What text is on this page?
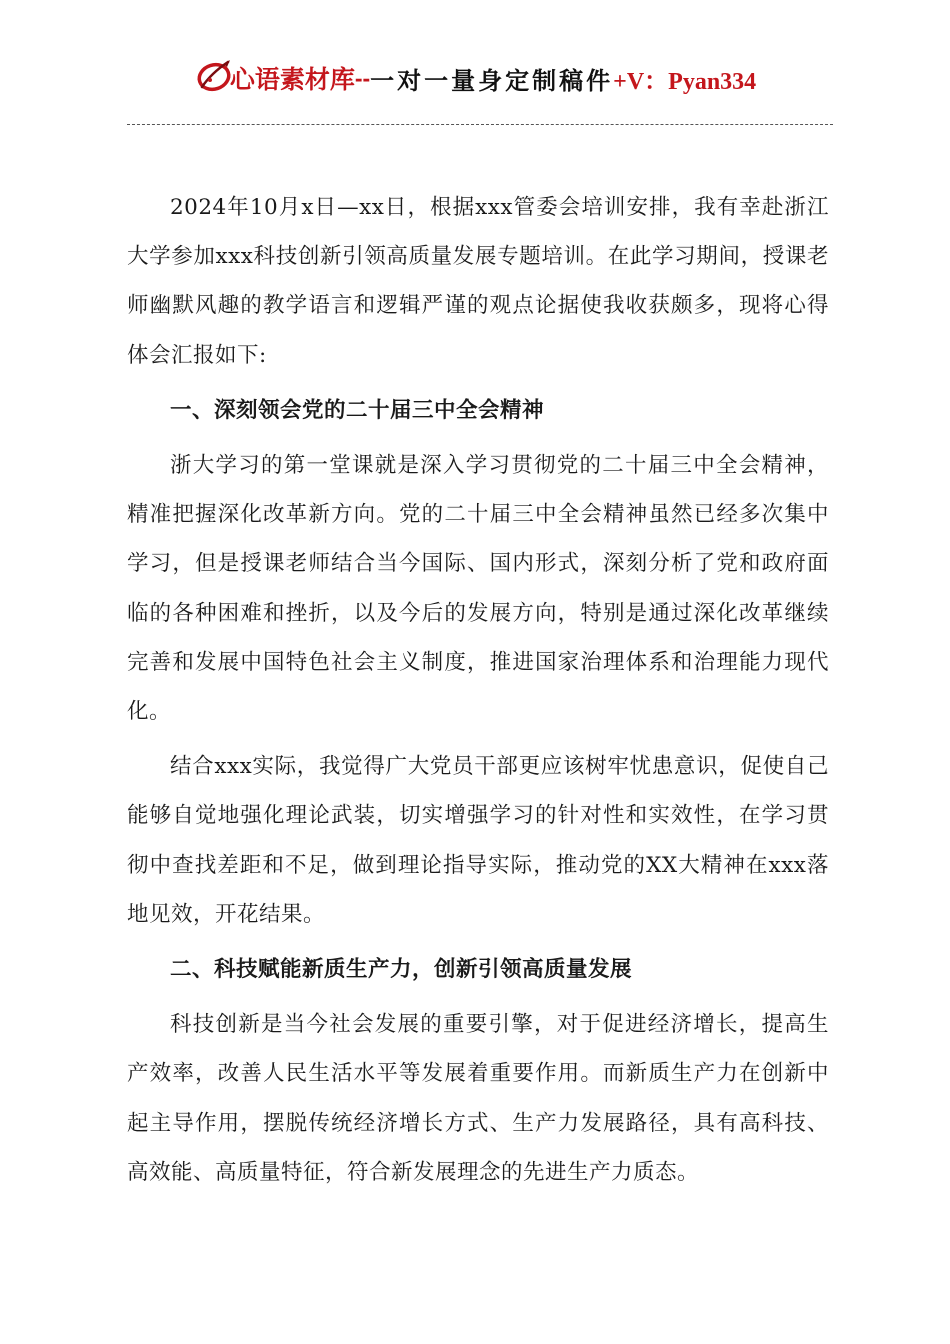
心语素材库 -- 一对一量身定制稿件 +V：Pyan334

2024年10月x日—xx日，根据xxx管委会培训安排，我有幸赴浙江大学参加xxx科技创新引领高质量发展专题培训。在此学习期间，授课老师幽默风趣的教学语言和逻辑严谨的观点论据使我收获颇多，现将心得体会汇报如下:

一、深刻领会党的二十届三中全会精神

浙大学习的第一堂课就是深入学习贯彻党的二十届三中全会精神，精准把握深化改革新方向。党的二十届三中全会精神虽然已经多次集中学习，但是授课老师结合当今国际、国内形式，深刻分析了党和政府面临的各种困难和挫折，以及今后的发展方向，特别是通过深化改革继续完善和发展中国特色社会主义制度，推进国家治理体系和治理能力现代化。

结合xxx实际，我觉得广大党员干部更应该树牢忧患意识，促使自己能够自觉地强化理论武装，切实增强学习的针对性和实效性，在学习贯彻中查找差距和不足，做到理论指导实际，推动党的XX大精神在xxx落地见效，开花结果。

二、科技赋能新质生产力，创新引领高质量发展

科技创新是当今社会发展的重要引擎，对于促进经济增长，提高生产效率，改善人民生活水平等发展着重要作用。而新质生产力在创新中起主导作用，摆脱传统经济增长方式、生产力发展路径，具有高科技、高效能、高质量特征，符合新发展理念的先进生产力质态。
